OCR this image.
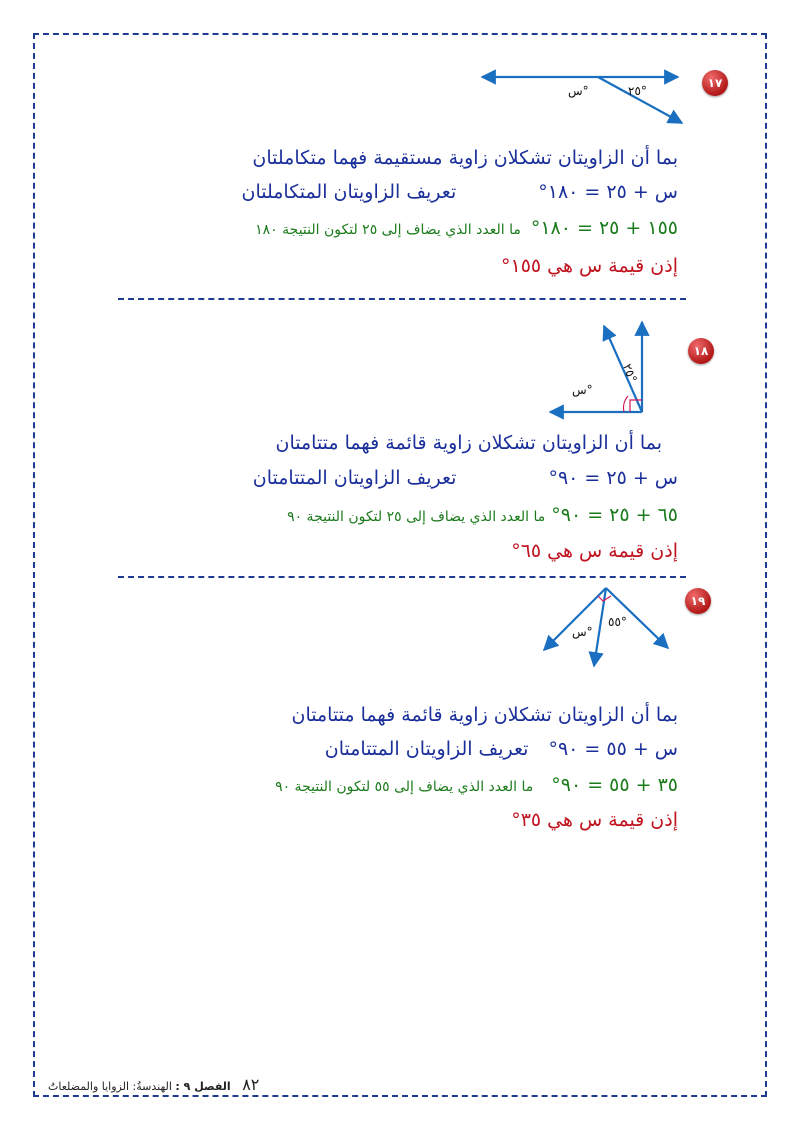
١٧
س°	٢٥°
بما أن الزاويتان تشكلان زاوية مستقيمة فهما متكاملتان
س + ٢٥ = ١٨٠°تعريف الزاويتان المتكاملتان
١٥٥ + ٢٥ = ١٨٠°ما العدد الذي يضاف إلى ٢٥ لتكون النتيجة ١٨٠
إذن قيمة س هي ١٥٥°
١٨
س°
٢٥°
بما أن الزاويتان تشكلان زاوية قائمة فهما متتامتان
س + ٢٥ = ٩٠°تعريف الزاويتان المتتامتان
٦٥ + ٢٥ = ٩٠°ما العدد الذي يضاف إلى ٢٥ لتكون النتيجة ٩٠
إذن قيمة س هي ٦٥°
١٩
س°
٥٥°
بما أن الزاويتان تشكلان زاوية قائمة فهما متتامتان
س + ٥٥ = ٩٠°تعريف الزاويتان المتتامتان
٣٥ + ٥٥ = ٩٠°ما العدد الذي يضاف إلى ٥٥ لتكون النتيجة ٩٠
إذن قيمة س هي ٣٥°
٨٢ الفصل ٩ : الهندسةُ: الزوايا والمضلعاتُ
